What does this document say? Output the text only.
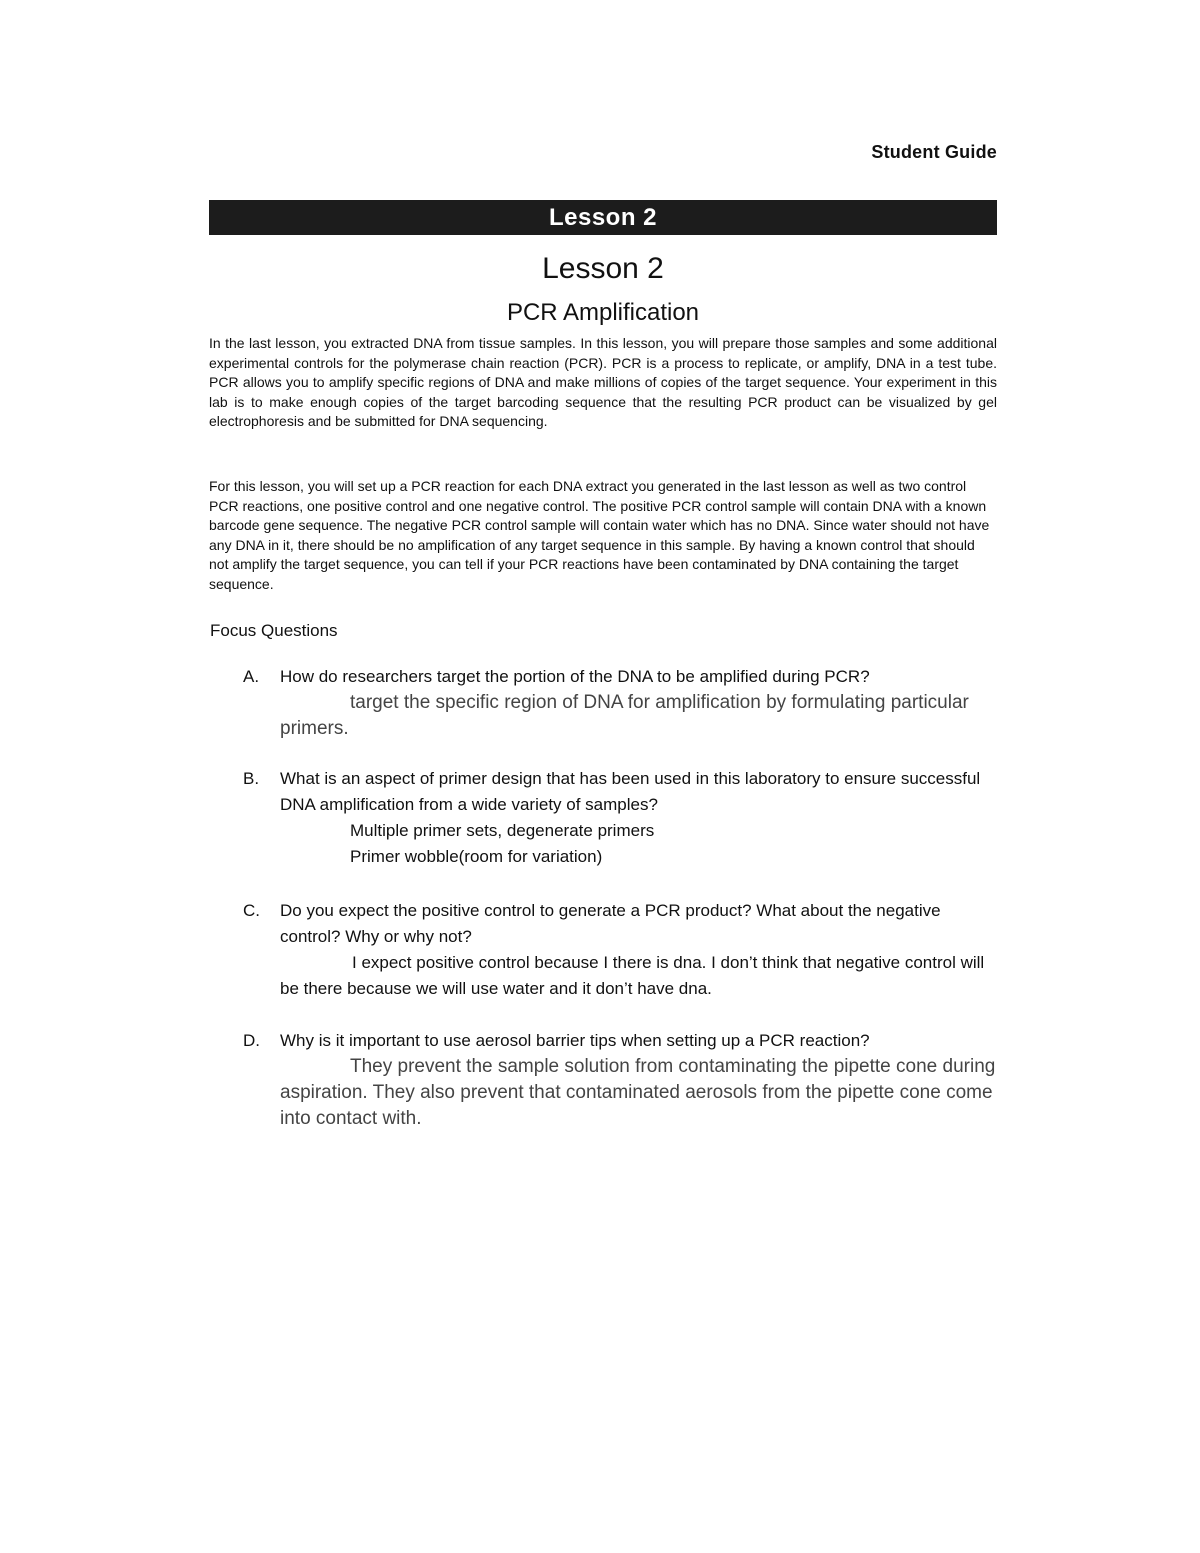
Student Guide
Lesson 2
Lesson 2
PCR Amplification

In the last lesson, you extracted DNA from tissue samples. In this lesson, you will prepare those samples and some additional experimental controls for the polymerase chain reaction (PCR). PCR is a process to replicate, or amplify, DNA in a test tube. PCR allows you to amplify specific regions of DNA and make millions of copies of the target sequence. Your experiment in this lab is to make enough copies of the target barcoding sequence that the resulting PCR product can be visualized by gel electrophoresis and be submitted for DNA sequencing.

For this lesson, you will set up a PCR reaction for each DNA extract you generated in the last lesson as well as two control PCR reactions, one positive control and one negative control. The positive PCR control sample will contain DNA with a known barcode gene sequence. The negative PCR control sample will contain water which has no DNA. Since water should not have any DNA in it, there should be no amplification of any target sequence in this sample. By having a known control that should not amplify the target sequence, you can tell if your PCR reactions have been contaminated by DNA containing the target sequence.

Focus Questions
A. How do researchers target the portion of the DNA to be amplified during PCR?
target the specific region of DNA for amplification by formulating particular primers.
B. What is an aspect of primer design that has been used in this laboratory to ensure successful DNA amplification from a wide variety of samples?
Multiple primer sets, degenerate primers
Primer wobble(room for variation)
C. Do you expect the positive control to generate a PCR product? What about the negative control? Why or why not?
I expect positive control because I there is dna. I don’t think that negative control will be there because we will use water and it don’t have dna.
D. Why is it important to use aerosol barrier tips when setting up a PCR reaction?
They prevent the sample solution from contaminating the pipette cone during aspiration. They also prevent that contaminated aerosols from the pipette cone come into contact with.
